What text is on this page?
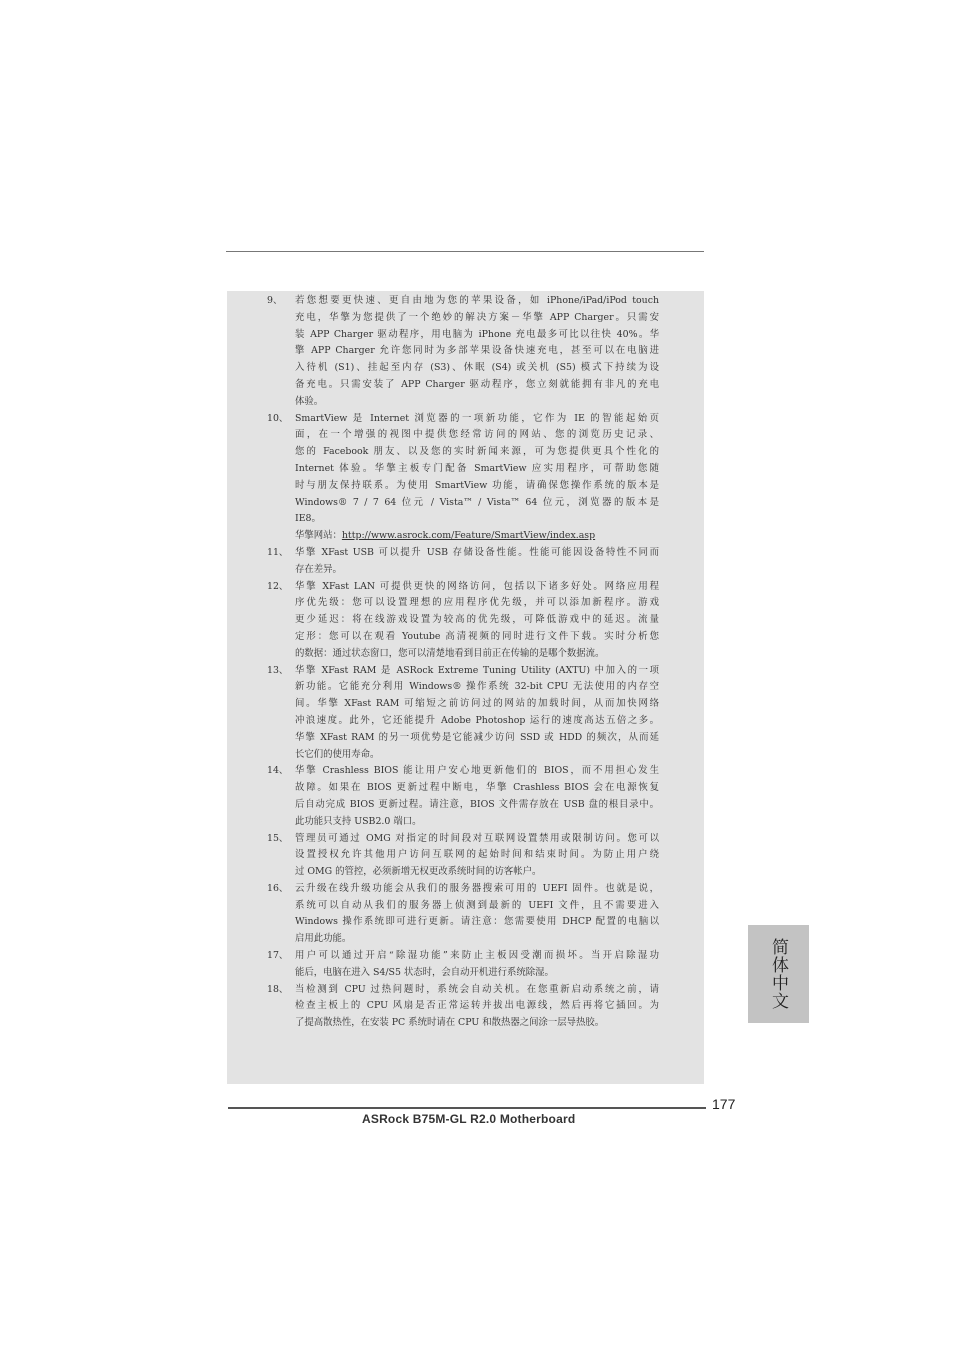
9、	若您想要更快速、更自由地为您的苹果设备，如 iPhone/iPad/iPod touch
充电，华擎为您提供了一个绝妙的解决方案－华擎 APP Charger。只需安
装 APP Charger 驱动程序，用电脑为 iPhone 充电最多可比以往快 40%。华
擎 APP Charger 允许您同时为多部苹果设备快速充电，甚至可以在电脑进
入待机 (S1)、挂起至内存 (S3)、休眠 (S4) 或关机 (S5) 模式下持续为设
备充电。只需安装了 APP Charger 驱动程序，您立刻就能拥有非凡的充电
体验。
10、 SmartView 是 Internet 浏览器的一项新功能，它作为 IE 的智能起始页
面，在一个增强的视图中提供您经常访问的网站、您的浏览历史记录、
您的 Facebook 朋友、以及您的实时新闻来源，可为您提供更具个性化的
Internet 体验。华擎主板专门配备 SmartView 应实用程序，可帮助您随
时与朋友保持联系。为使用 SmartView 功能，请确保您操作系统的版本是
Windows® 7 / 7 64 位元 / Vista™ / Vista™ 64 位元，浏览器的版本是
IE8。
华擎网站：http://www.asrock.com/Feature/SmartView/index.asp
11、 华擎 XFast USB 可以提升 USB 存储设备性能。性能可能因设备特性不同而
存在差异。
12、 华擎 XFast LAN 可提供更快的网络访问，包括以下诸多好处。网络应用程
序优先级：您可以设置理想的应用程序优先级，并可以添加新程序。游戏
更少延迟：将在线游戏设置为较高的优先级，可降低游戏中的延迟。流量
定形：您可以在观看 Youtube 高清视频的同时进行文件下载。实时分析您
的数据：通过状态窗口，您可以清楚地看到目前正在传输的是哪个数据流。
13、 华擎 XFast RAM 是 ASRock Extreme Tuning Utility (AXTU) 中加入的一项
新功能。它能充分利用 Windows® 操作系统 32-bit CPU 无法使用的内存空
间。华擎 XFast RAM 可缩短之前访问过的网站的加载时间，从而加快网络
冲浪速度。此外，它还能提升 Adobe Photoshop 运行的速度高达五倍之多。
华擎 XFast RAM 的另一项优势是它能减少访问 SSD 或 HDD 的频次，从而延
长它们的使用寿命。
14、 华擎 Crashless BIOS 能让用户安心地更新他们的 BIOS，而不用担心发生
故障。如果在 BIOS 更新过程中断电，华擎 Crashless BIOS 会在电源恢复
后自动完成 BIOS 更新过程。请注意，BIOS 文件需存放在 USB 盘的根目录中。
此功能只支持 USB2.0 端口。
15、 管理员可通过 OMG 对指定的时间段对互联网设置禁用或限制访问。您可以
设置授权允许其他用户访问互联网的起始时间和结束时间。为防止用户绕
过 OMG 的管控，必须新增无权更改系统时间的访客帐户。
16、 云升级在线升级功能会从我们的服务器搜索可用的 UEFI 固件。也就是说，
系统可以自动从我们的服务器上侦测到最新的 UEFI 文件，且不需要进入
Windows 操作系统即可进行更新。请注意：您需要使用 DHCP 配置的电脑以
启用此功能。
17、 用户可以通过开启“除湿功能”来防止主板因受潮而损坏。当开启除湿功
能后，电脑在进入 S4/S5 状态时，会自动开机进行系统除湿。
18、 当检测到 CPU 过热问题时，系统会自动关机。在您重新启动系统之前，请
检查主板上的 CPU 风扇是否正常运转并拔出电源线，然后再将它插回。为
了提高散热性，在安装 PC 系统时请在 CPU 和散热器之间涂一层导热胶。
简体中文
177
ASRock B75M-GL R2.0 Motherboard
